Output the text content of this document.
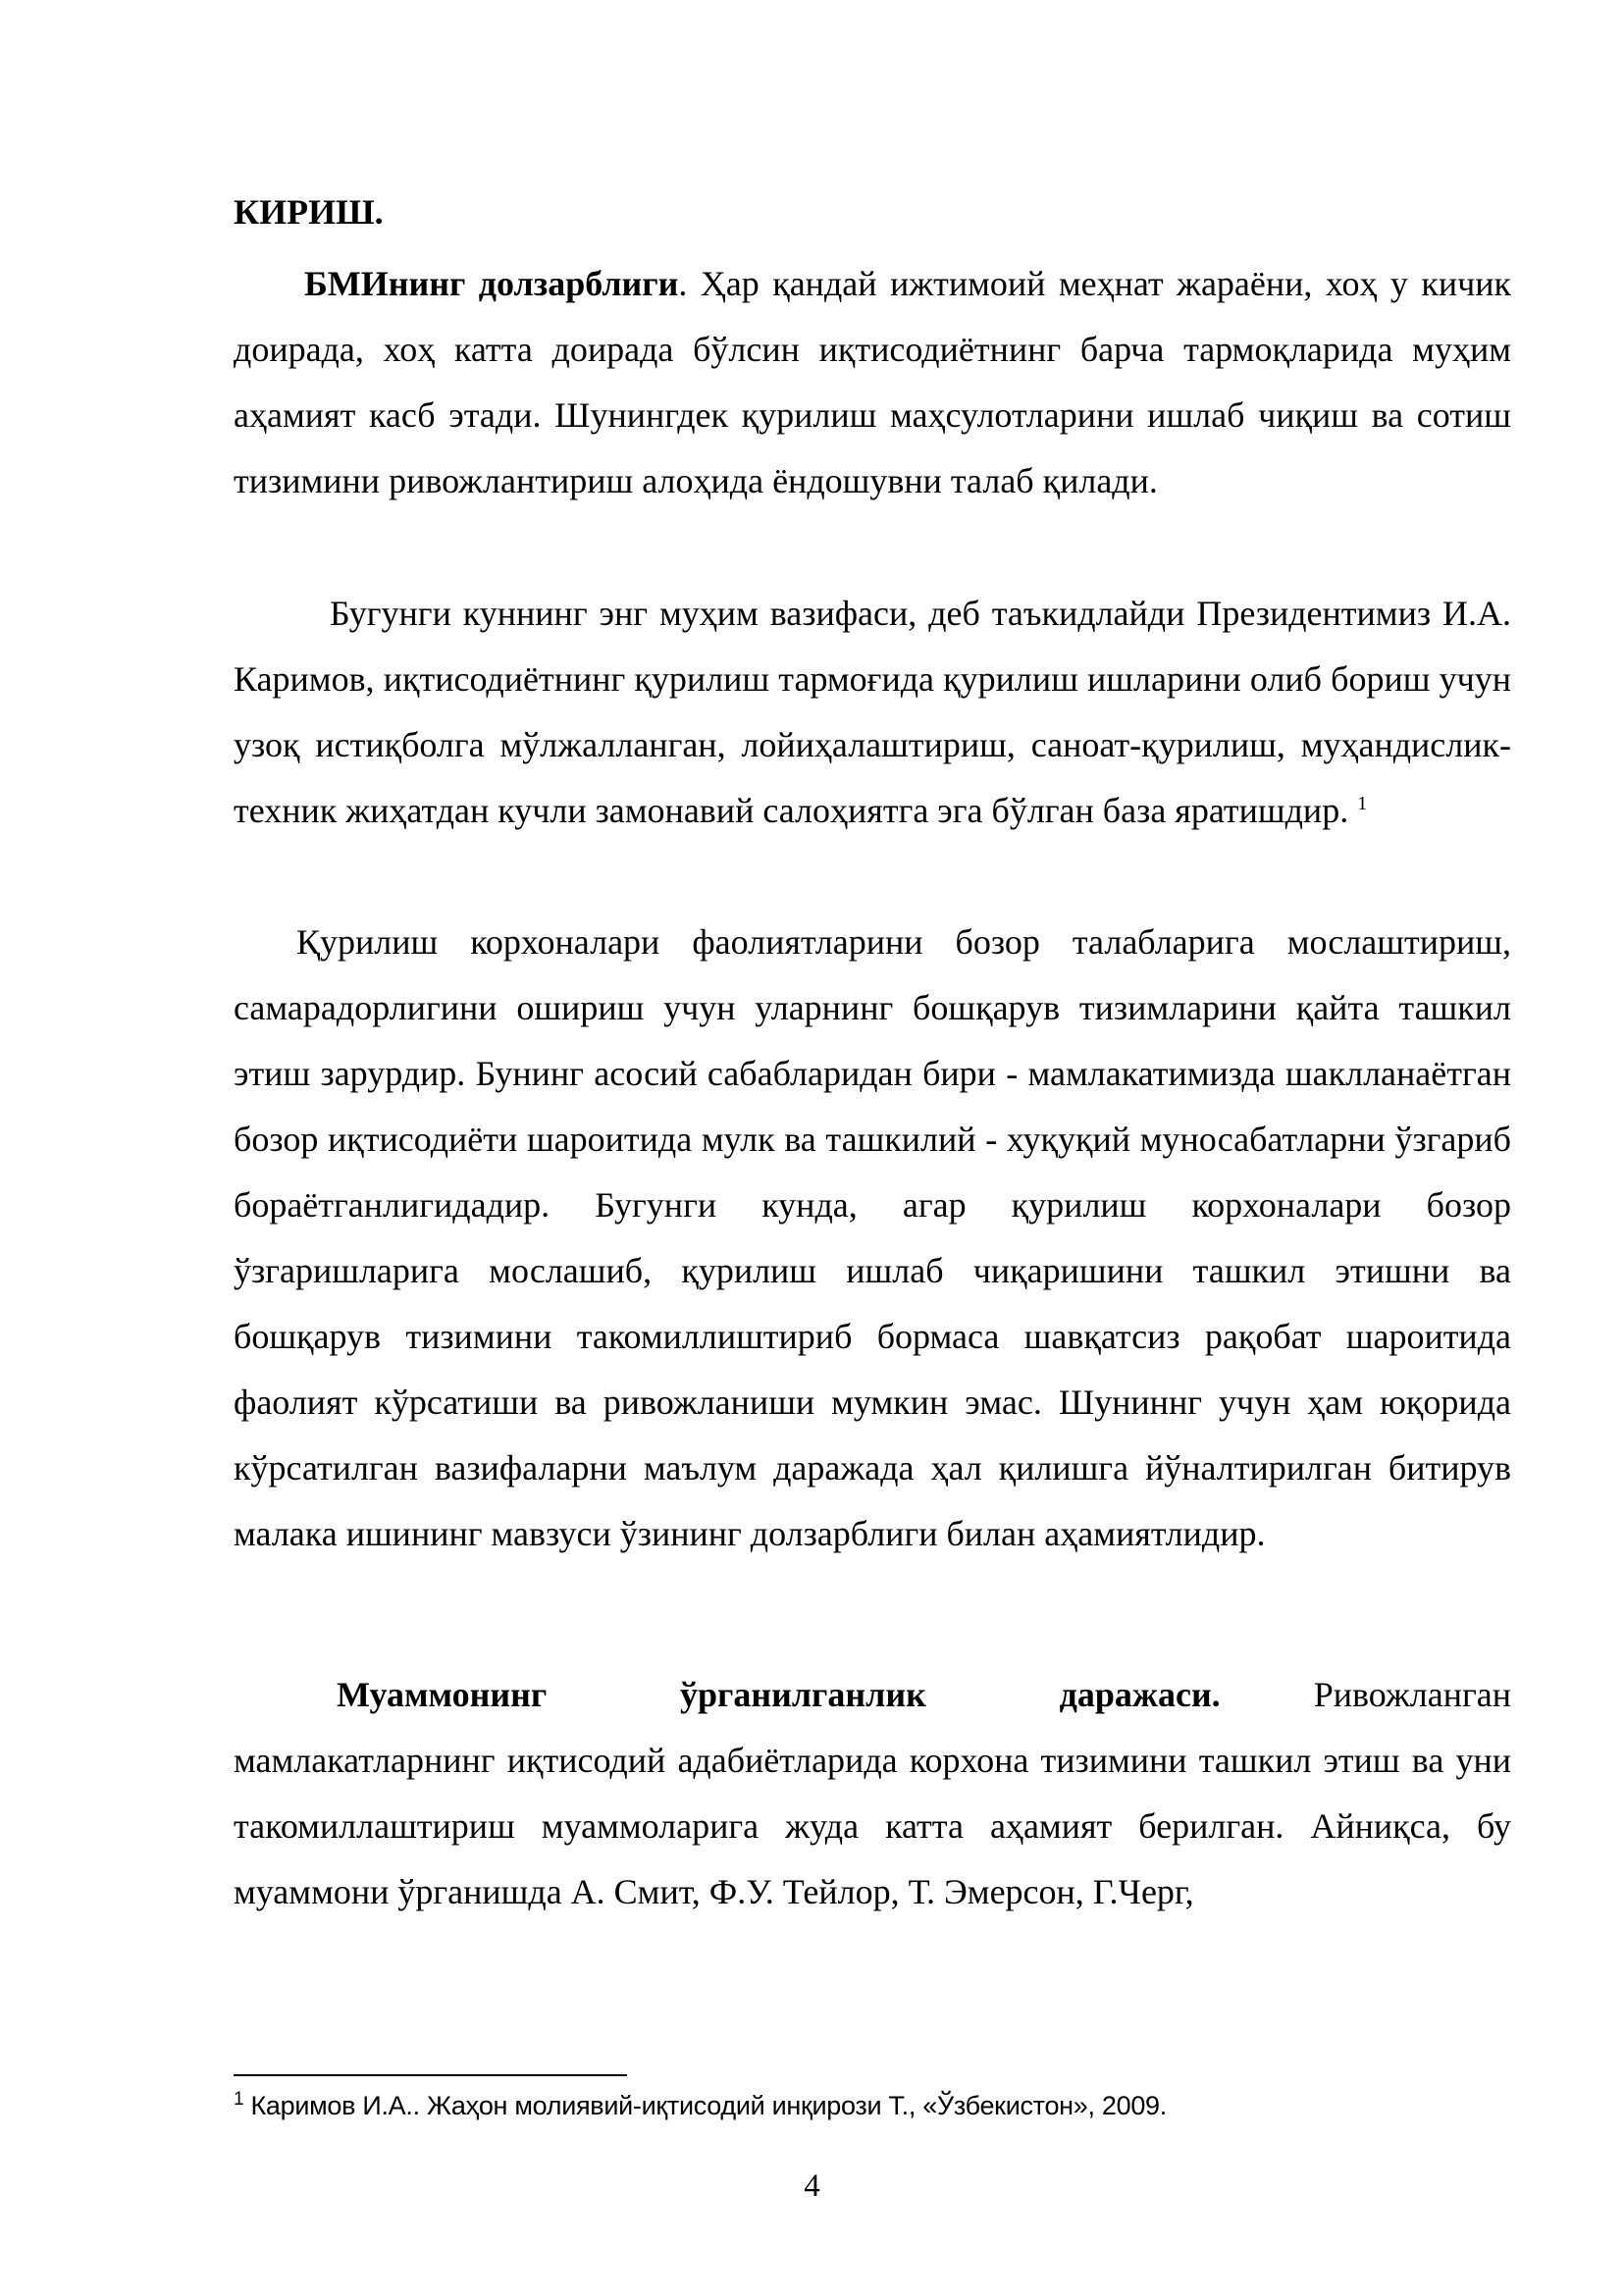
КИРИШ.

БМИнинг долзарблиги. Ҳар қандай ижтимоий меҳнат жараёни, хоҳ у кичик доирада, хоҳ катта доирада бўлсин иқтисодиётнинг барча тармоқларида муҳим аҳамият касб этади. Шунингдек қурилиш маҳсулотларини ишлаб чиқиш ва сотиш тизимини ривожлантириш алоҳида ёндошувни талаб қилади.

Бугунги куннинг энг муҳим вазифаси, деб таъкидлайди Президентимиз И.А. Каримов, иқтисодиётнинг қурилиш тармоғида қурилиш ишларини олиб бориш учун узоқ истиқболга мўлжалланган, лойиҳалаштириш, саноат-қурилиш, муҳандислик-техник жиҳатдан кучли замонавий салоҳиятга эга бўлган база яратишдир. $^1$

Қурилиш корхоналари фаолиятларини бозор талабларига мослаштириш, самарадорлигини ошириш учун уларнинг бошқарув тизимларини қайта ташкил этиш зарурдир. Бунинг асосий сабабларидан бири - мамлакатимизда шаклланаётган бозор иқтисодиёти шароитида мулк ва ташкилий - хуқуқий муносабатларни ўзгариб бораётганлигидадир. Бугунги кунда, агар қурилиш корхоналари бозор ўзгаришларига мослашиб, қурилиш ишлаб чиқаришини ташкил этишни ва бошқарув тизимини такомиллиштириб бормаса шавқатсиз рақобат шароитида фаолият кўрсатиши ва ривожланиши мумкин эмас. Шуниннг учун ҳам юқорида кўрсатилган вазифаларни маълум даражада ҳал қилишга йўналтирилган битирув малака ишининг мавзуси ўзининг долзарблиги билан аҳамиятлидир.

Муаммонинг          ўрганилганлик          даражаси.       Ривожланган мамлакатларнинг иқтисодий адабиётларида корхона тизимини ташкил этиш ва уни такомиллаштириш муаммоларига жуда катта аҳамият берилган. Айниқса, бу муаммони ўрганишда А. Смит, Ф.У. Тейлор, Т. Эмерсон, Г.Черг,

$^1$ Каримов И.А.. Жаҳон молиявий-иқтисодий инқирози Т., «Ўзбекистон», 2009.

4
